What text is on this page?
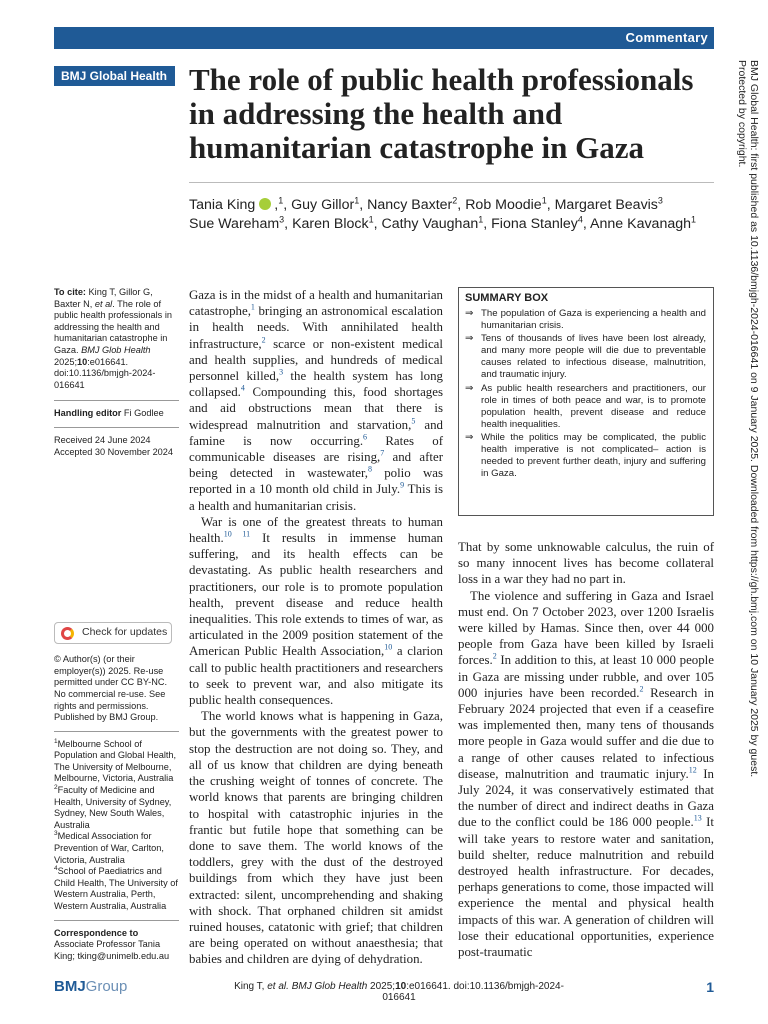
Commentary
BMJ Global Health The role of public health professionals in addressing the health and humanitarian catastrophe in Gaza
Tania King ,$^1$, Guy Gillor$^1$, Nancy Baxter$^2$, Rob Moodie$^1$, Margaret Beavis$^3$
Sue Wareham$^3$, Karen Block$^1$, Cathy Vaughan$^1$, Fiona Stanley$^4$, Anne Kavanagh$^1$	BMJ Global Health: first published as 10.1136/bmjgh-2024-016641 on 9 January 2025. Downloaded from https://gh.bmj.com on 10 January 2025 by guest. Protected by copyright.

To cite: King T, Gillor G, Baxter N, et al. The role of public health professionals in addressing the health and humanitarian catastrophe in Gaza. BMJ Glob Health 2025;10:e016641. doi:10.1136/bmjgh-2024-016641

Handling editor Fi Godlee

Received 24 June 2024

Accepted 30 November 2024

Check for updates

© Author(s) (or their employer(s)) 2025. Re-use permitted under CC BY-NC. No commercial re-use. See rights and permissions. Published by BMJ Group.

$^1$Melbourne School of Population and Global Health, The University of Melbourne, Melbourne, Victoria, Australia

$^2$Faculty of Medicine and Health, University of Sydney, Sydney, New South Wales, Australia

$^3$Medical Association for Prevention of War, Carlton, Victoria, Australia

$^4$School of Paediatrics and Child Health, The University of Western Australia, Perth, Western Australia, Australia

Correspondence to

Associate Professor Tania King; tking@unimelb.edu.au

Gaza is in the midst of a health and humanitarian catastrophe,$^1$ bringing an astronomical escalation in health needs. With annihilated health infrastructure,$^2$ scarce or non-existent medical and health supplies, and hundreds of medical personnel killed,$^3$ the health system has long collapsed.$^4$ Compounding this, food shortages and aid obstructions mean that there is widespread malnutrition and starvation,$^5$ and famine is now occurring.$^6$ Rates of communicable diseases are rising,$^7$ and after being detected in wastewater,$^8$ polio was reported in a 10 month old child in July.$^9$ This is a health and humanitarian crisis.

War is one of the greatest threats to human health.$^{10 11}$ It results in immense human suffering, and its health effects can be devastating. As public health researchers and practitioners, our role is to promote population health, prevent disease and reduce health inequalities. This role extends to times of war, as articulated in the 2009 position statement of the American Public Health Association,$^{10}$ a clarion call to public health practitioners and researchers to seek to prevent war, and also mitigate its public health consequences.

The world knows what is happening in Gaza, but the governments with the greatest power to stop the destruction are not doing so. They, and all of us know that children are dying beneath the crushing weight of tonnes of concrete. The world knows that parents are bringing children to hospital with catastrophic injuries in the frantic but futile hope that something can be done to save them. The world knows of the toddlers, grey with the dust of the destroyed buildings from which they have just been extracted: silent, uncomprehending and shaking with shock. That orphaned children sit amidst ruined houses, catatonic with grief; that children are being operated on without anaesthesia; that babies and children are dying of dehydration.

SUMMARY BOX
⇒ The population of Gaza is experiencing a health and humanitarian crisis.
⇒ Tens of thousands of lives have been lost already, and many more people will die due to preventable causes related to infectious disease, malnutrition, and traumatic injury.
⇒ As public health researchers and practitioners, our role in times of both peace and war, is to promote population health, prevent disease and reduce health inequalities.
⇒ While the politics may be complicated, the public health imperative is not complicated– action is needed to prevent further death, injury and suffering in Gaza.

That by some unknowable calculus, the ruin of so many innocent lives has become collateral loss in a war they had no part in.

The violence and suffering in Gaza and Israel must end. On 7 October 2023, over 1200 Israelis were killed by Hamas. Since then, over 44 000 people from Gaza have been killed by Israeli forces.$^2$ In addition to this, at least 10 000 people in Gaza are missing under rubble, and over 105 000 injuries have been recorded.$^2$ Research in February 2024 projected that even if a ceasefire was implemented then, many tens of thousands more people in Gaza would suffer and die due to a range of other causes related to infectious disease, malnutrition and traumatic injury.$^{12}$ In July 2024, it was conservatively estimated that the number of direct and indirect deaths in Gaza due to the conflict could be 186 000 people.$^{13}$ It will take years to restore water and sanitation, build shelter, reduce malnutrition and rebuild destroyed health infrastructure. For decades, perhaps generations to come, those impacted will experience the mental and physical health impacts of this war. A generation of children will lose their educational opportunities, experience post-traumatic

BMJGroup	King T, et al. BMJ Glob Health 2025;10:e016641. doi:10.1136/bmjgh-2024-016641
1
